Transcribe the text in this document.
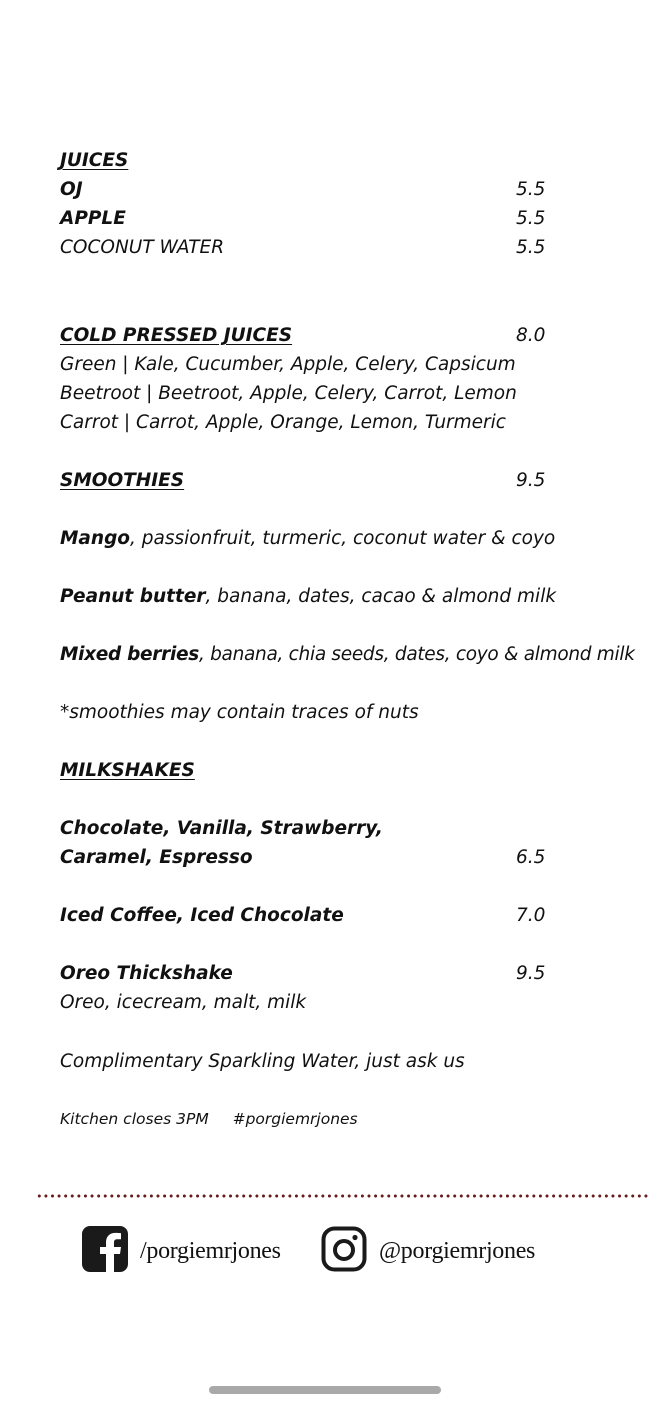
JUICES
OJ	5.5
APPLE	5.5
COCONUT WATER	5.5
COLD PRESSED JUICES	8.0
Green | Kale, Cucumber, Apple, Celery, Capsicum
Beetroot | Beetroot, Apple, Celery, Carrot, Lemon
Carrot | Carrot, Apple, Orange, Lemon, Turmeric
SMOOTHIES	9.5
Mango, passionfruit, turmeric, coconut water & coyo
Peanut butter, banana, dates, cacao & almond milk
Mixed berries, banana, chia seeds, dates, coyo & almond milk
*smoothies may contain traces of nuts
MILKSHAKES
Chocolate, Vanilla, Strawberry,
Caramel, Espresso	6.5
Iced Coffee, Iced Chocolate	7.0
Oreo Thickshake	9.5
Oreo, icecream, malt, milk
Complimentary Sparkling Water, just ask us
Kitchen closes 3PM #porgiemrjones
/porgiemrjones	@porgiemrjones
